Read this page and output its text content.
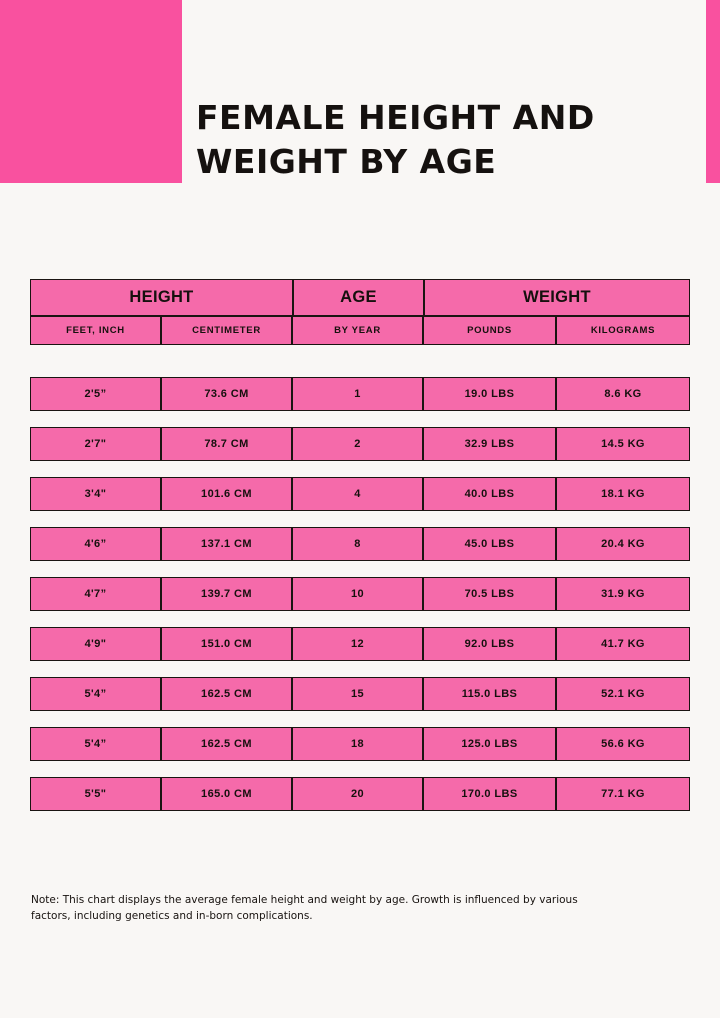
FEMALE HEIGHT AND WEIGHT BY AGE
HEIGHT	AGE	WEIGHT
FEET, INCH	CENTIMETER	BY YEAR	POUNDS	KILOGRAMS
2'5”	73.6 CM	1	19.0 LBS	8.6 KG
2'7"	78.7 CM	2	32.9 LBS	14.5 KG
3'4"	101.6 CM	4	40.0 LBS	18.1 KG
4'6”	137.1 CM	8	45.0 LBS	20.4 KG
4'7”	139.7 CM	10	70.5 LBS	31.9 KG
4'9"	151.0 CM	12	92.0 LBS	41.7 KG
5'4”	162.5 CM	15	115.0 LBS	52.1 KG
5'4”	162.5 CM	18	125.0 LBS	56.6 KG
5'5"	165.0 CM	20	170.0 LBS	77.1 KG
Note: This chart displays the average female height and weight by age. Growth is influenced by various factors, including genetics and in-born complications.
